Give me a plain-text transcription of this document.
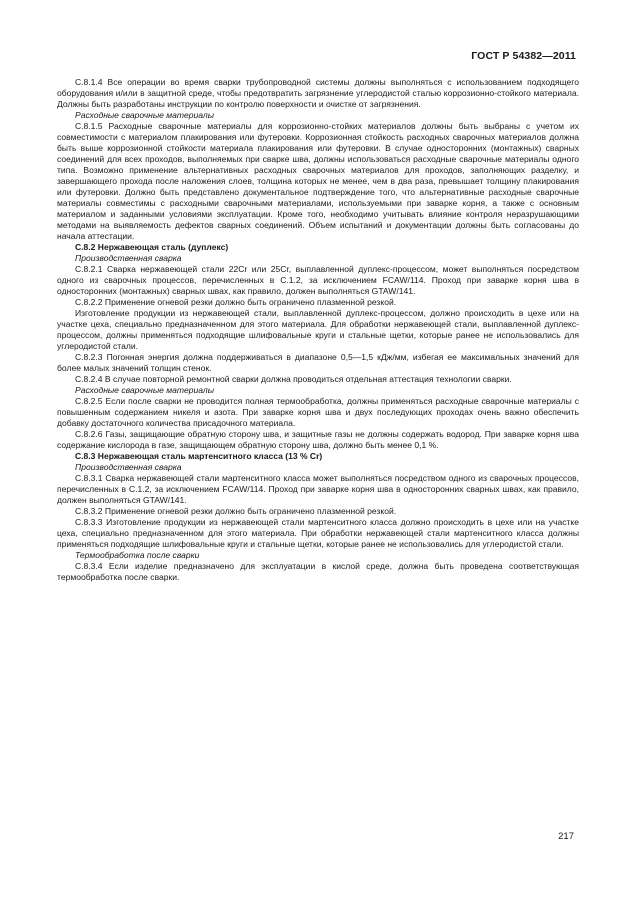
ГОСТ Р 54382—2011

С.8.1.4 Все операции во время сварки трубопроводной системы должны выполняться с использованием подходящего оборудования и/или в защитной среде, чтобы предотвратить загрязнение углеродистой сталью коррозионно-стойкого материала. Должны быть разработаны инструкции по контролю поверхности и очистке от загрязнения.

Расходные сварочные материалы

С.8.1.5 Расходные сварочные материалы для коррозионно-стойких материалов должны быть выбраны с учетом их совместимости с материалом плакирования или футеровки. Коррозионная стойкость расходных сварочных материалов должна быть выше коррозионной стойкости материала плакирования или футеровки. В случае односторонних (монтажных) сварных соединений для всех проходов, выполняемых при сварке шва, должны использоваться расходные сварочные материалы одного типа. Возможно применение альтернативных расходных сварочных материалов для проходов, заполняющих разделку, и завершающего прохода после наложения слоев, толщина которых не менее, чем в два раза, превышает толщину плакирования или футеровки. Должно быть представлено документальное подтверждение того, что альтернативные расходные сварочные материалы совместимы с расходными сварочными материалами, используемыми при заварке корня, а также с основным материалом и заданными условиями эксплуатации. Кроме того, необходимо учитывать влияние контроля неразрушающими методами на выявляемость дефектов сварных соединений. Объем испытаний и документации должны быть согласованы до начала аттестации.

С.8.2 Нержавеющая сталь (дуплекс)

Производственная сварка

С.8.2.1 Сварка нержавеющей стали 22Cr или 25Cr, выплавленной дуплекс-процессом, может выполняться посредством одного из сварочных процессов, перечисленных в С.1.2, за исключением FCAW/114. Проход при заварке корня шва в односторонних (монтажных) сварных швах, как правило, должен выполняться GTAW/141.

С.8.2.2 Применение огневой резки должно быть ограничено плазменной резкой.

Изготовление продукции из нержавеющей стали, выплавленной дуплекс-процессом, должно происходить в цехе или на участке цеха, специально предназначенном для этого материала. Для обработки нержавеющей стали, выплавленной дуплекс-процессом, должны применяться подходящие шлифовальные круги и стальные щетки, которые ранее не использовались для углеродистой стали.

С.8.2.3 Погонная энергия должна поддерживаться в диапазоне 0,5—1,5 кДж/мм, избегая ее максимальных значений для более малых значений толщин стенок.

С.8.2.4 В случае повторной ремонтной сварки должна проводиться отдельная аттестация технологии сварки.

Расходные сварочные материалы

С.8.2.5 Если после сварки не проводится полная термообработка, должны применяться расходные сварочные материалы с повышенным содержанием никеля и азота. При заварке корня шва и двух последующих проходах очень важно обеспечить добавку достаточного количества присадочного материала.

С.8.2.6 Газы, защищающие обратную сторону шва, и защитные газы не должны содержать водород. При заварке корня шва содержание кислорода в газе, защищающем обратную сторону шва, должно быть менее 0,1 %.

С.8.3 Нержавеющая сталь мартенситного класса (13 % Cr)

Производственная сварка

С.8.3.1 Сварка нержавеющей стали мартенситного класса может выполняться посредством одного из сварочных процессов, перечисленных в С.1.2, за исключением FCAW/114. Проход при заварке корня шва в односторонних сварных швах, как правило, должен выполняться GTAW/141.

С.8.3.2 Применение огневой резки должно быть ограничено плазменной резкой.

С.8.3.3 Изготовление продукции из нержавеющей стали мартенситного класса должно происходить в цехе или на участке цеха, специально предназначенном для этого материала. При обработки нержавеющей стали мартенситного класса должны применяться подходящие шлифовальные круги и стальные щетки, которые ранее не использовались для углеродистой стали.

Термообработка после сварки

С.8.3.4 Если изделие предназначено для эксплуатации в кислой среде, должна быть проведена соответствующая термообработка после сварки.

217
